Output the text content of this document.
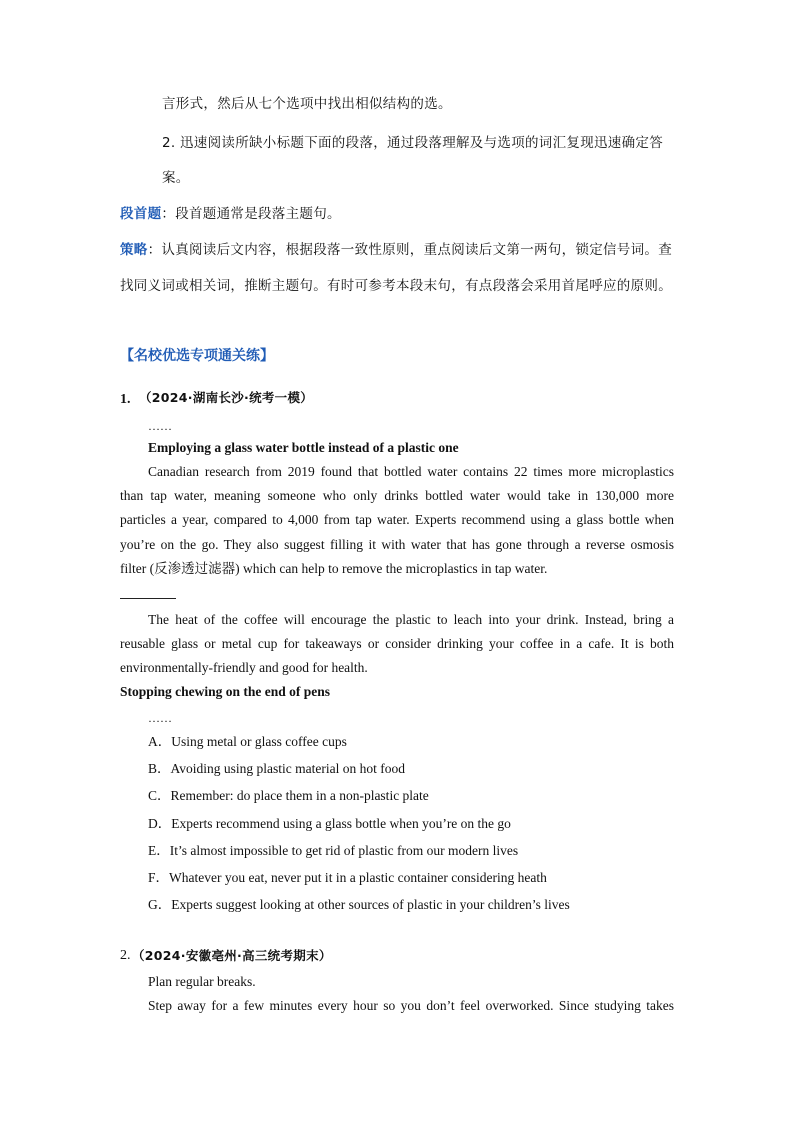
言形式，然后从七个选项中找出相似结构的选。
2. 迅速阅读所缺小标题下面的段落，通过段落理解及与选项的词汇复现迅速确定答
案。
段首题：段首题通常是段落主题句。
策略：认真阅读后文内容，根据段落一致性原则，重点阅读后文第一两句，锁定信号词。查
找同义词或相关词，推断主题句。有时可参考本段末句，有点段落会采用首尾呼应的原则。
【名校优选专项通关练】
1. （2024·湖南长沙·统考一模）
……
Employing a glass water bottle instead of a plastic one
Canadian research from 2019 found that bottled water contains 22 times more microplastics
than tap water, meaning someone who only drinks bottled water would take in 130,000 more
particles a year, compared to 4,000 from tap water. Experts recommend using a glass bottle when
you’re on the go. They also suggest filling it with water that has gone through a reverse osmosis
filter (反渗透过滤器) which can help to remove the microplastics in tap water.
The heat of the coffee will encourage the plastic to leach into your drink. Instead, bring a
reusable glass or metal cup for takeaways or consider drinking your coffee in a cafe. It is both
environmentally-friendly and good for health.
Stopping chewing on the end of pens
……
A．Using metal or glass coffee cups
B．Avoiding using plastic material on hot food
C．Remember: do place them in a non-plastic plate
D．Experts recommend using a glass bottle when you’re on the go
E．It’s almost impossible to get rid of plastic from our modern lives
F．Whatever you eat, never put it in a plastic container considering heath
G．Experts suggest looking at other sources of plastic in your children’s lives
2. （2024·安徽亳州·高三统考期末）
Plan regular breaks.
Step away for a few minutes every hour so you don’t feel overworked. Since studying takes
